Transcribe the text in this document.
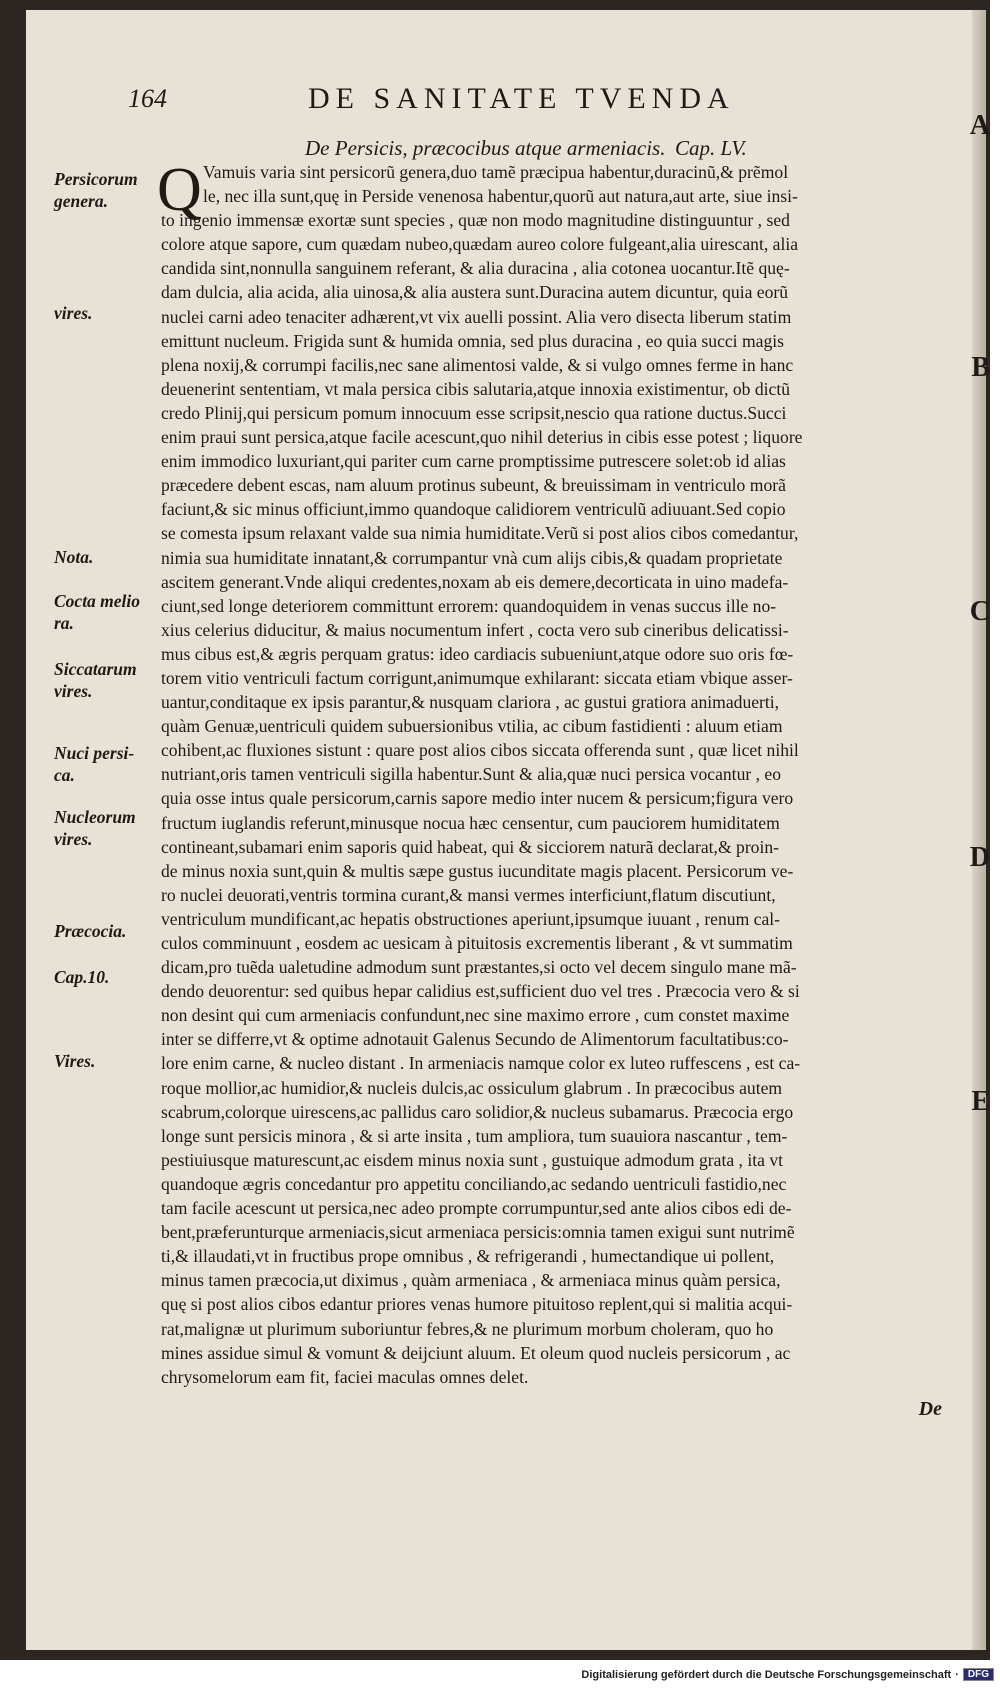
164	DE SANITATE TVENDA
De Persicis, præcocibus atque armeniacis. Cap. LV.
A
B
C
D
E
Persicorum genera.
vires.
Nota.
Cocta melio ra.
Siccatarum vires.
Nuci persi- ca.
Nucleorum vires.
Præcocia.
Cap.10.
Vires.
Q Vamuis varia sint persicorũ genera,duo tamẽ præcipua habentur,duracinũ,& prẽmol
le, nec illa sunt,quę in Perside venenosa habentur,quorũ aut natura,aut arte, siue insi-
to ingenio immensæ exortæ sunt species , quæ non modo magnitudine distinguuntur , sed
colore atque sapore, cum quædam nubeo,quædam aureo colore fulgeant,alia uirescant, alia
candida sint,nonnulla sanguinem referant, & alia duracina , alia cotonea uocantur.Itẽ quę-
dam dulcia, alia acida, alia uinosa,& alia austera sunt.Duracina autem dicuntur, quia eorũ
nuclei carni adeo tenaciter adhærent,vt vix auelli possint. Alia vero disecta liberum statim
emittunt nucleum. Frigida sunt & humida omnia, sed plus duracina , eo quia succi magis
plena noxij,& corrumpi facilis,nec sane alimentosi valde, & si vulgo omnes ferme in hanc
deuenerint sententiam, vt mala persica cibis salutaria,atque innoxia existimentur, ob dictũ
credo Plinij,qui persicum pomum innocuum esse scripsit,nescio qua ratione ductus.Succi
enim praui sunt persica,atque facile acescunt,quo nihil deterius in cibis esse potest ; liquore
enim immodico luxuriant,qui pariter cum carne promptissime putrescere solet:ob id alias
præcedere debent escas, nam aluum protinus subeunt, & breuissimam in ventriculo morã
faciunt,& sic minus officiunt,immo quandoque calidiorem ventriculũ adiuuant.Sed copio
se comesta ipsum relaxant valde sua nimia humiditate.Verũ si post alios cibos comedantur,
nimia sua humiditate innatant,& corrumpantur vnà cum alijs cibis,& quadam proprietate
ascitem generant.Vnde aliqui credentes,noxam ab eis demere,decorticata in uino madefa-
ciunt,sed longe deteriorem committunt errorem: quandoquidem in venas succus ille no-
xius celerius diducitur, & maius nocumentum infert , cocta vero sub cineribus delicatissi-
mus cibus est,& ægris perquam gratus: ideo cardiacis subueniunt,atque odore suo oris fœ-
torem vitio ventriculi factum corrigunt,animumque exhilarant: siccata etiam vbique asser-
uantur,conditaque ex ipsis parantur,& nusquam clariora , ac gustui gratiora animaduerti,
quàm Genuæ,uentriculi quidem subuersionibus vtilia, ac cibum fastidienti : aluum etiam
cohibent,ac fluxiones sistunt : quare post alios cibos siccata offerenda sunt , quæ licet nihil
nutriant,oris tamen ventriculi sigilla habentur.Sunt & alia,quæ nuci persica vocantur , eo
quia osse intus quale persicorum,carnis sapore medio inter nucem & persicum;figura vero
fructum iuglandis referunt,minusque nocua hæc censentur, cum pauciorem humiditatem
contineant,subamari enim saporis quid habeat, qui & sicciorem naturã declarat,& proin-
de minus noxia sunt,quin & multis sæpe gustus iucunditate magis placent. Persicorum ve-
ro nuclei deuorati,ventris tormina curant,& mansi vermes interficiunt,flatum discutiunt,
ventriculum mundificant,ac hepatis obstructiones aperiunt,ipsumque iuuant , renum cal-
culos comminuunt , eosdem ac uesicam à pituitosis excrementis liberant , & vt summatim
dicam,pro tuẽda ualetudine admodum sunt præstantes,si octo vel decem singulo mane mã-
dendo deuorentur: sed quibus hepar calidius est,sufficient duo vel tres . Præcocia vero & si
non desint qui cum armeniacis confundunt,nec sine maximo errore , cum constet maxime
inter se differre,vt & optime adnotauit Galenus Secundo de Alimentorum facultatibus:co-
lore enim carne, & nucleo distant . In armeniacis namque color ex luteo ruffescens , est ca-
roque mollior,ac humidior,& nucleis dulcis,ac ossiculum glabrum . In præcocibus autem
scabrum,colorque uirescens,ac pallidus caro solidior,& nucleus subamarus. Præcocia ergo
longe sunt persicis minora , & si arte insita , tum ampliora, tum suauiora nascantur , tem-
pestiuiusque maturescunt,ac eisdem minus noxia sunt , gustuique admodum grata , ita vt
quandoque ægris concedantur pro appetitu conciliando,ac sedando uentriculi fastidio,nec
tam facile acescunt ut persica,nec adeo prompte corrumpuntur,sed ante alios cibos edi de-
bent,præferunturque armeniacis,sicut armeniaca persicis:omnia tamen exigui sunt nutrimẽ
ti,& illaudati,vt in fructibus prope omnibus , & refrigerandi , humectandique ui pollent,
minus tamen præcocia,ut diximus , quàm armeniaca , & armeniaca minus quàm persica,
quę si post alios cibos edantur priores venas humore pituitoso replent,qui si malitia acqui-
rat,malignæ ut plurimum suboriuntur febres,& ne plurimum morbum choleram, quo ho
mines assidue simul & vomunt & deijciunt aluum. Et oleum quod nucleis persicorum , ac
chrysomelorum eam fit, faciei maculas omnes delet.
De
Digitalisierung gefördert durch die Deutsche Forschungsgemeinschaft · DFG
